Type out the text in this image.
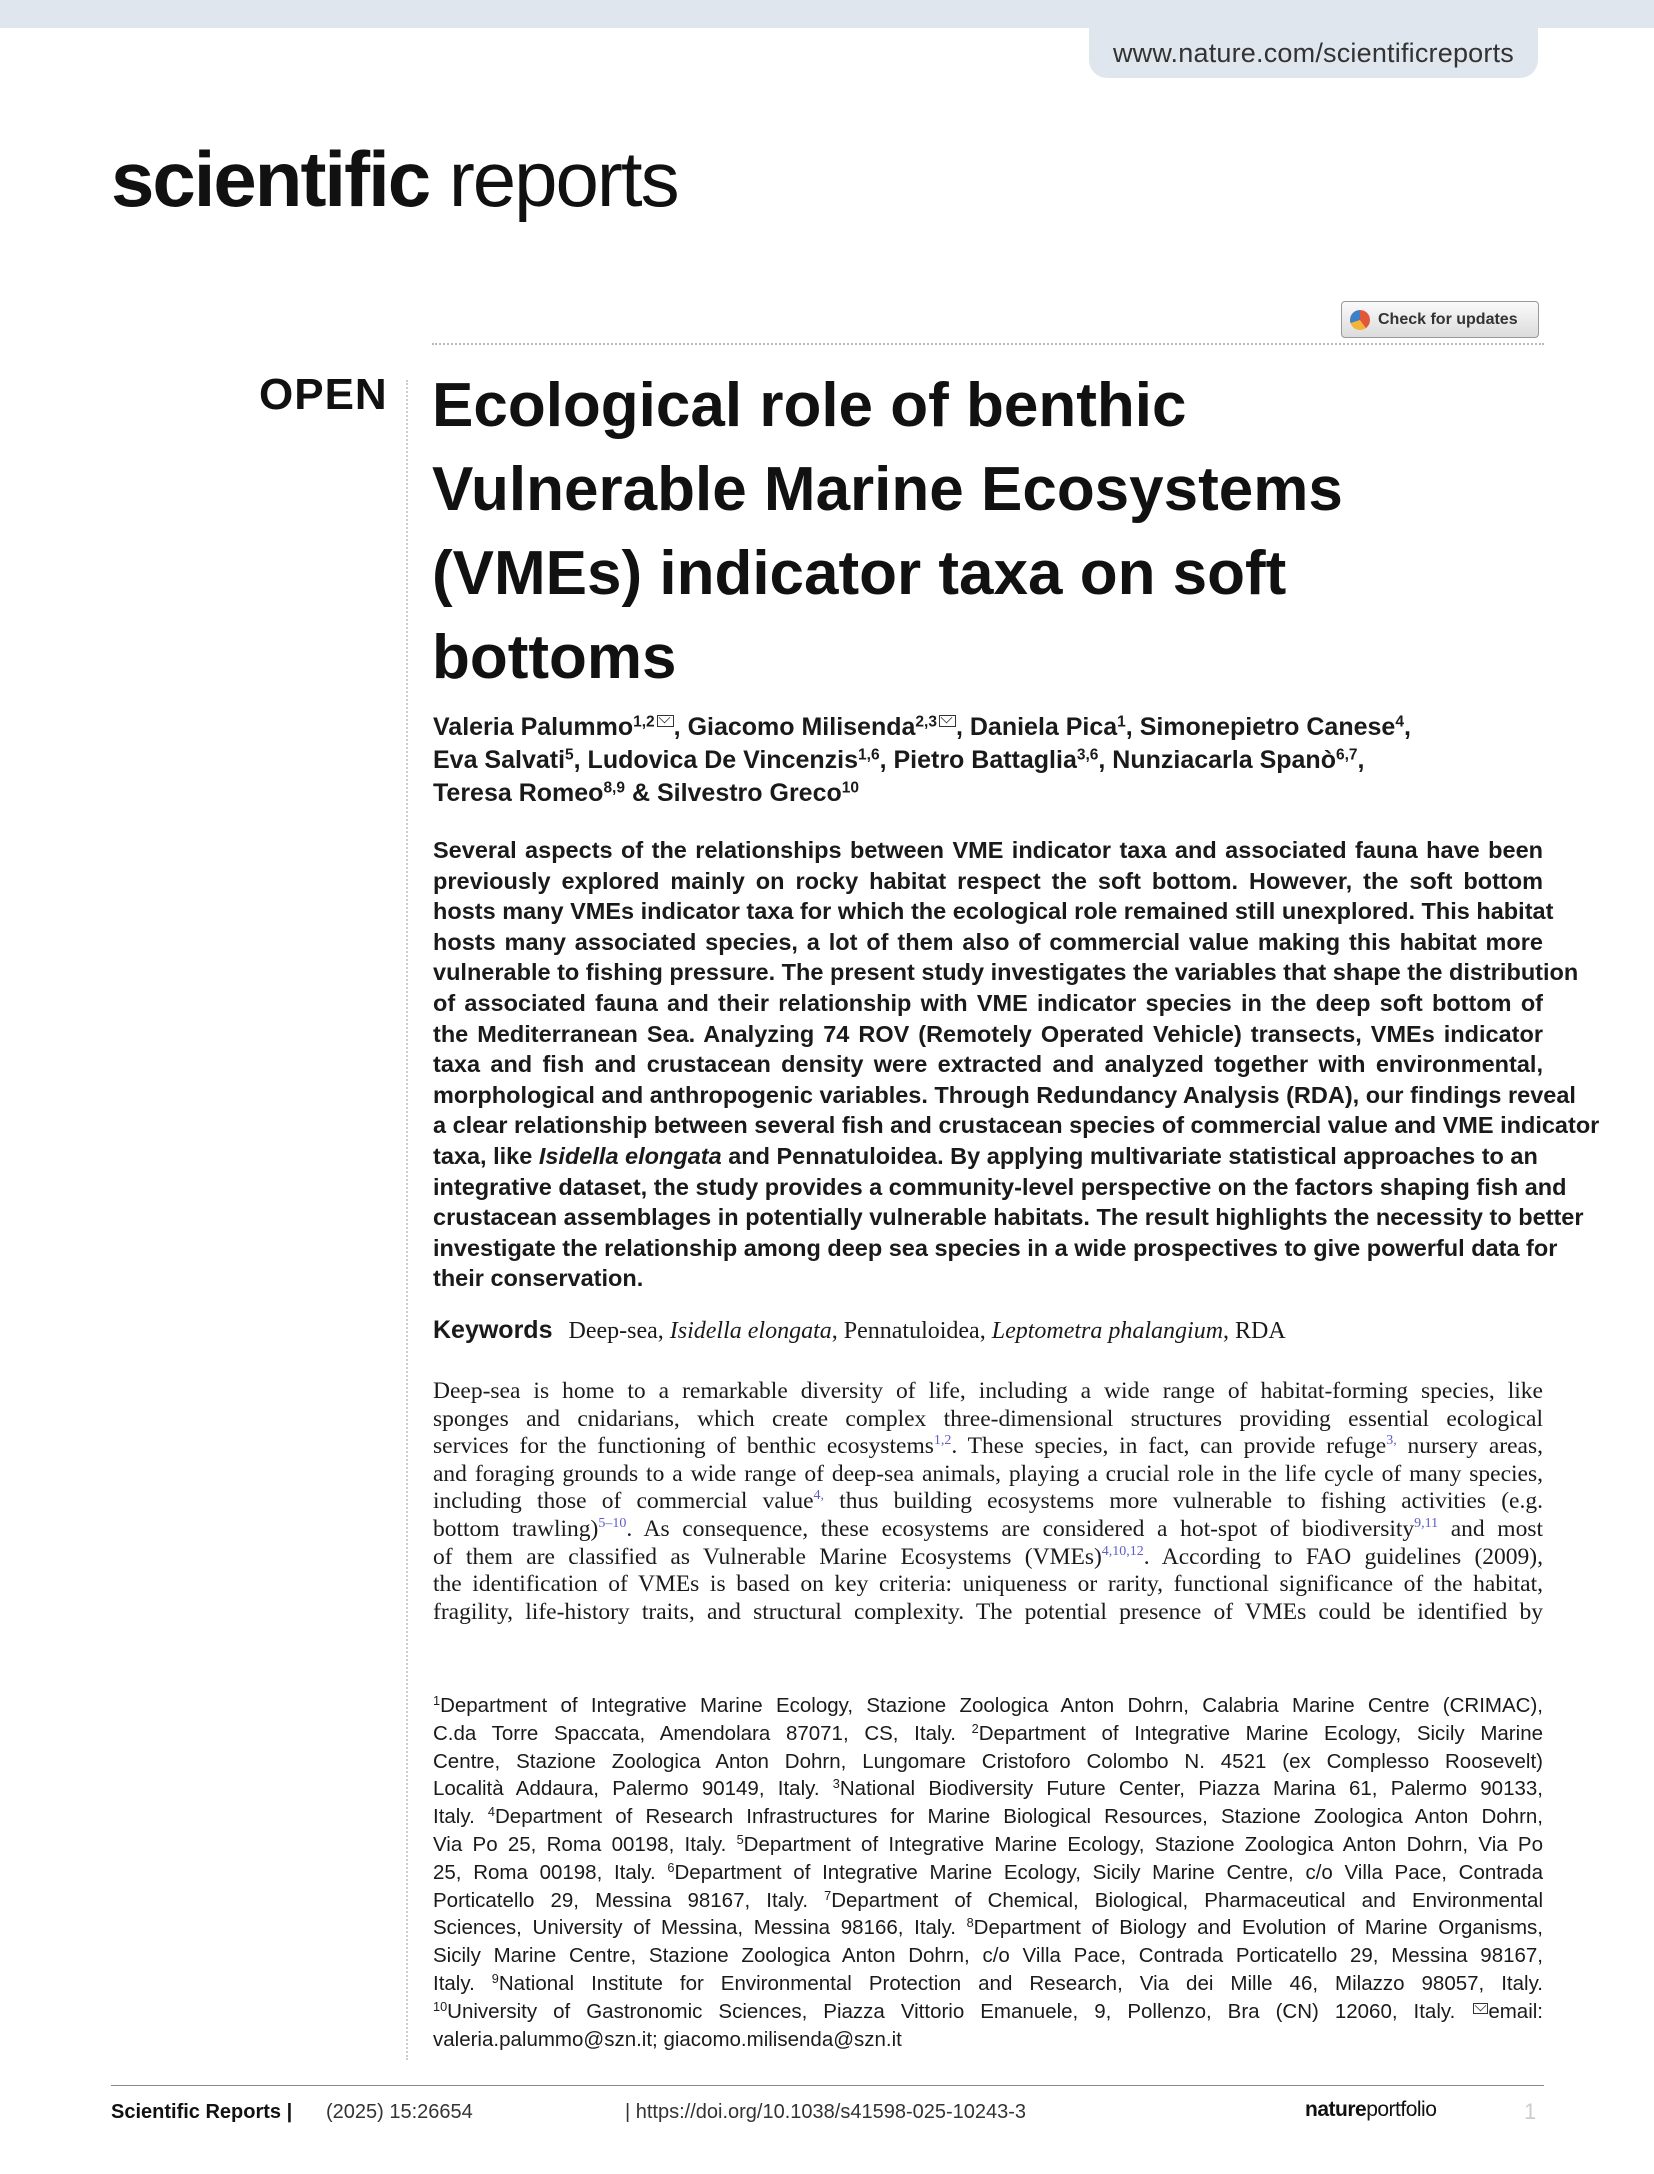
www.nature.com/scientificreports
scientific reports
Check for updates
OPEN Ecological role of benthic Vulnerable Marine Ecosystems (VMEs) indicator taxa on soft bottoms
Valeria Palummo$^{1,2}$ , Giacomo Milisenda$^{2,3}$ , Daniela Pica$^1$, Simonepietro Canese$^4$,
Eva Salvati$^5$, Ludovica De Vincenzis$^{1,6}$, Pietro Battaglia$^{3,6}$, Nunziacarla Spanò$^{6,7}$,
Teresa Romeo$^{8,9}$ & Silvestro Greco$^{10}$
Several aspects of the relationships between VME indicator taxa and associated fauna have been
previously explored mainly on rocky habitat respect the soft bottom. However, the soft bottom
hosts many VMEs indicator taxa for which the ecological role remained still unexplored. This habitat
hosts many associated species, a lot of them also of commercial value making this habitat more
vulnerable to fishing pressure. The present study investigates the variables that shape the distribution
of associated fauna and their relationship with VME indicator species in the deep soft bottom of
the Mediterranean Sea. Analyzing 74 ROV (Remotely Operated Vehicle) transects, VMEs indicator
taxa and fish and crustacean density were extracted and analyzed together with environmental,
morphological and anthropogenic variables. Through Redundancy Analysis (RDA), our findings reveal
a clear relationship between several fish and crustacean species of commercial value and VME indicator
taxa, like Isidella elongata and Pennatuloidea. By applying multivariate statistical approaches to an
integrative dataset, the study provides a community-level perspective on the factors shaping fish and
crustacean assemblages in potentially vulnerable habitats. The result highlights the necessity to better
investigate the relationship among deep sea species in a wide prospectives to give powerful data for
their conservation.
Keywords Deep-sea, Isidella elongata, Pennatuloidea, Leptometra phalangium, RDA
Deep-sea is home to a remarkable diversity of life, including a wide range of habitat-forming species, like
sponges and cnidarians, which create complex three-dimensional structures providing essential ecological
services for the functioning of benthic ecosystems$^{1,2}$. These species, in fact, can provide refuge$^{3,}$ nursery areas,
and foraging grounds to a wide range of deep-sea animals, playing a crucial role in the life cycle of many species,
including those of commercial value$^{4,}$ thus building ecosystems more vulnerable to fishing activities (e.g.
bottom trawling)$^{5-10}$. As consequence, these ecosystems are considered a hot-spot of biodiversity$^{9,11}$ and most
of them are classified as Vulnerable Marine Ecosystems (VMEs)$^{4,10,12}$. According to FAO guidelines (2009),
the identification of VMEs is based on key criteria: uniqueness or rarity, functional significance of the habitat,
fragility, life-history traits, and structural complexity. The potential presence of VMEs could be identified by
$^1$Department of Integrative Marine Ecology, Stazione Zoologica Anton Dohrn, Calabria Marine Centre (CRIMAC),
C.da Torre Spaccata, Amendolara 87071, CS, Italy. $^2$Department of Integrative Marine Ecology, Sicily Marine
Centre, Stazione Zoologica Anton Dohrn, Lungomare Cristoforo Colombo N. 4521 (ex Complesso Roosevelt)
Località Addaura, Palermo 90149, Italy. $^3$National Biodiversity Future Center, Piazza Marina 61, Palermo 90133,
Italy. $^4$Department of Research Infrastructures for Marine Biological Resources, Stazione Zoologica Anton Dohrn,
Via Po 25, Roma 00198, Italy. $^5$Department of Integrative Marine Ecology, Stazione Zoologica Anton Dohrn, Via Po
25, Roma 00198, Italy. $^6$Department of Integrative Marine Ecology, Sicily Marine Centre, c/o Villa Pace, Contrada
Porticatello 29, Messina 98167, Italy. $^7$Department of Chemical, Biological, Pharmaceutical and Environmental
Sciences, University of Messina, Messina 98166, Italy. $^8$Department of Biology and Evolution of Marine Organisms,
Sicily Marine Centre, Stazione Zoologica Anton Dohrn, c/o Villa Pace, Contrada Porticatello 29, Messina 98167,
Italy. $^9$National Institute for Environmental Protection and Research, Via dei Mille 46, Milazzo 98057, Italy.
$^{10}$University of Gastronomic Sciences, Piazza Vittorio Emanuele, 9, Pollenzo, Bra (CN) 12060, Italy. email:
valeria.palummo@szn.it; giacomo.milisenda@szn.it
Scientific Reports | (2025) 15:26654	| https://doi.org/10.1038/s41598-025-10243-3	natureportfolio	1
